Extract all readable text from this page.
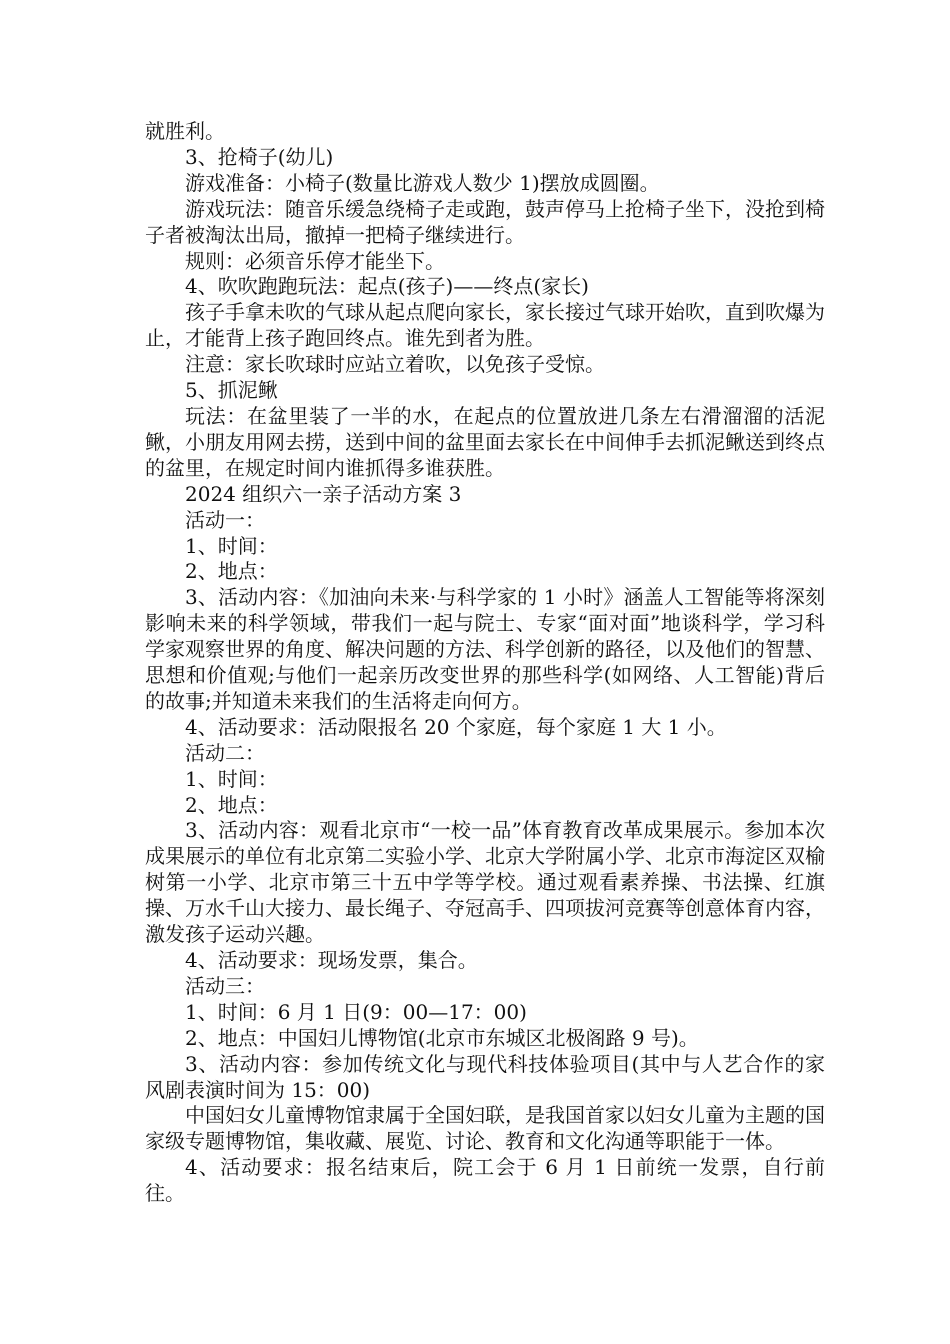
就胜利。

3、抢椅子(幼儿)

游戏准备：小椅子(数量比游戏人数少 1)摆放成圆圈。

游戏玩法：随音乐缓急绕椅子走或跑，鼓声停马上抢椅子坐下，没抢到椅子者被淘汰出局，撤掉一把椅子继续进行。

规则：必须音乐停才能坐下。

4、吹吹跑跑玩法：起点(孩子)——终点(家长)

孩子手拿未吹的气球从起点爬向家长，家长接过气球开始吹，直到吹爆为止，才能背上孩子跑回终点。谁先到者为胜。

注意：家长吹球时应站立着吹，以免孩子受惊。

5、抓泥鳅

玩法：在盆里装了一半的水，在起点的位置放进几条左右滑溜溜的活泥鳅，小朋友用网去捞，送到中间的盆里面去家长在中间伸手去抓泥鳅送到终点的盆里，在规定时间内谁抓得多谁获胜。

2024 组织六一亲子活动方案 3

活动一：

1、时间：

2、地点：

3、活动内容：《加油向未来·与科学家的 1 小时》涵盖人工智能等将深刻影响未来的科学领域，带我们一起与院士、专家“面对面”地谈科学，学习科学家观察世界的角度、解决问题的方法、科学创新的路径，以及他们的智慧、思想和价值观;与他们一起亲历改变世界的那些科学(如网络、人工智能)背后的故事;并知道未来我们的生活将走向何方。

4、活动要求：活动限报名 20 个家庭，每个家庭 1 大 1 小。

活动二：

1、时间：

2、地点：

3、活动内容：观看北京市“一校一品”体育教育改革成果展示。参加本次成果展示的单位有北京第二实验小学、北京大学附属小学、北京市海淀区双榆树第一小学、北京市第三十五中学等学校。通过观看素养操、书法操、红旗操、万水千山大接力、最长绳子、夺冠高手、四项拔河竞赛等创意体育内容，激发孩子运动兴趣。

4、活动要求：现场发票，集合。

活动三：

1、时间：6 月 1 日(9：00—17：00)

2、地点：中国妇儿博物馆(北京市东城区北极阁路 9 号)。

3、活动内容：参加传统文化与现代科技体验项目(其中与人艺合作的家风剧表演时间为 15：00)

中国妇女儿童博物馆隶属于全国妇联，是我国首家以妇女儿童为主题的国家级专题博物馆，集收藏、展览、讨论、教育和文化沟通等职能于一体。

4、活动要求：报名结束后，院工会于 6 月 1 日前统一发票，自行前往。
